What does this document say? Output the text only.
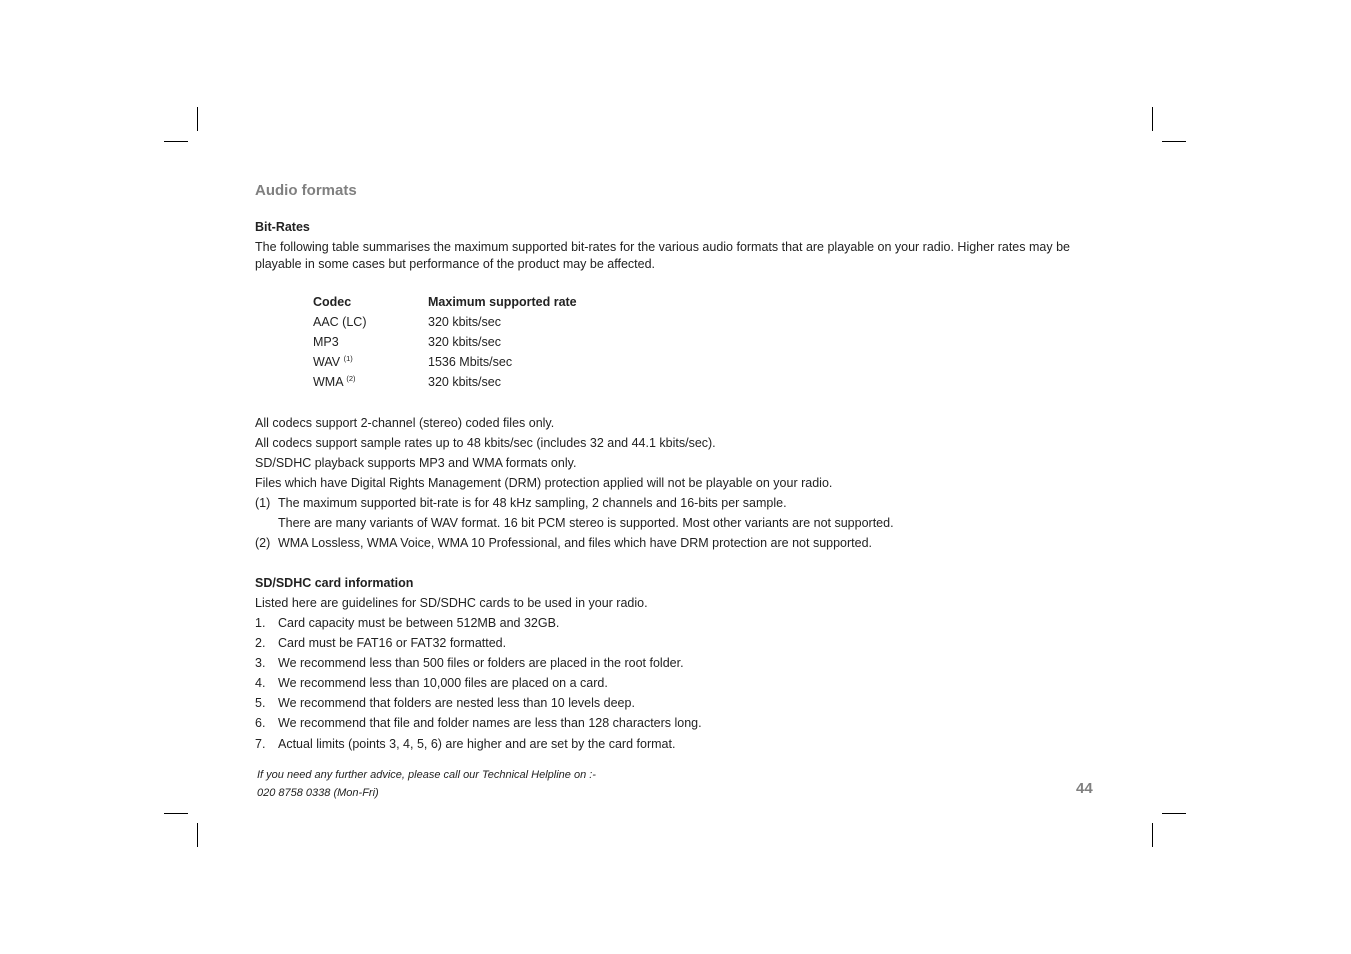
Audio formats
Bit-Rates

The following table summarises the maximum supported bit-rates for the various audio formats that are playable on your radio. Higher rates may be playable in some cases but performance of the product may be affected.

Codec	Maximum supported rate
AAC (LC)	320 kbits/sec
MP3	320 kbits/sec
WAV $^{(1)}$	1536 Mbits/sec
WMA $^{(2)}$	320 kbits/sec
All codecs support 2-channel (stereo) coded files only.
All codecs support sample rates up to 48 kbits/sec (includes 32 and 44.1 kbits/sec).
SD/SDHC playback supports MP3 and WMA formats only.
Files which have Digital Rights Management (DRM) protection applied will not be playable on your radio.
(1) The maximum supported bit-rate is for 48 kHz sampling, 2 channels and 16-bits per sample.
There are many variants of WAV format. 16 bit PCM stereo is supported. Most other variants are not supported.
(2) WMA Lossless, WMA Voice, WMA 10 Professional, and files which have DRM protection are not supported.
SD/SDHC card information
Listed here are guidelines for SD/SDHC cards to be used in your radio.
1. Card capacity must be between 512MB and 32GB.
2. Card must be FAT16 or FAT32 formatted.
3. We recommend less than 500 files or folders are placed in the root folder.
4. We recommend less than 10,000 files are placed on a card.
5. We recommend that folders are nested less than 10 levels deep.
6. We recommend that file and folder names are less than 128 characters long.
7. Actual limits (points 3, 4, 5, 6) are higher and are set by the card format.
If you need any further advice, please call our Technical Helpline on :-
020 8758 0338 (Mon-Fri)	44
